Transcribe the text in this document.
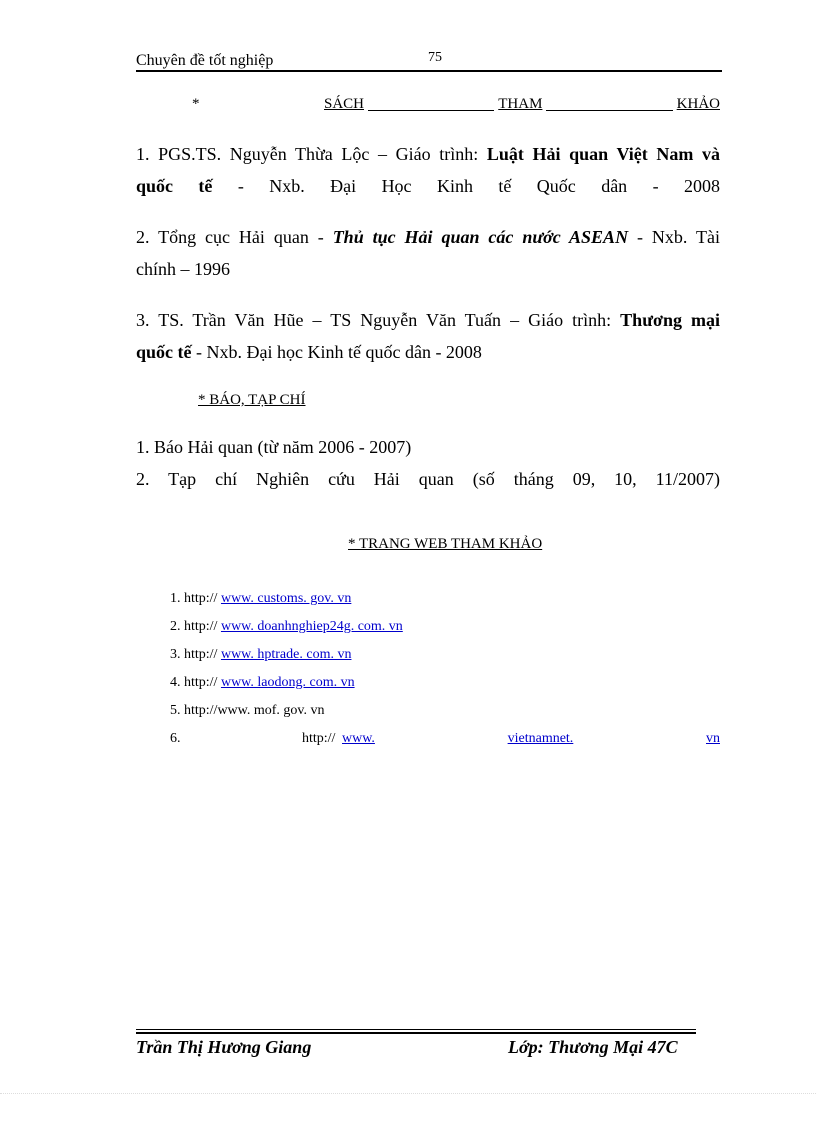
Chuyên đề tốt nghiệp	75
*	SÁCH	THAM	KHẢO
1. PGS.TS. Nguyễn Thừa Lộc – Giáo trình: Luật Hải quan Việt Nam và
quốc tế - Nxb. Đại Học Kinh tế Quốc dân - 2008
2. Tổng cục Hải quan - Thủ tục Hải quan các nước ASEAN - Nxb. Tài
chính – 1996
3. TS. Trần Văn Hũe – TS Nguyễn Văn Tuấn – Giáo trình: Thương mại
quốc tế - Nxb. Đại học Kinh tế quốc dân - 2008
* BÁO, TẠP CHÍ
1. Báo Hải quan (từ năm 2006 - 2007)
2. Tạp chí Nghiên cứu Hải quan (số tháng 09, 10, 11/2007)
* TRANG WEB THAM KHẢO
1. http:// www. customs. gov. vn
2. http:// www. doanhnghiep24g. com. vn
3. http:// www. hptrade. com. vn
4. http:// www. laodong. com. vn
5. http://www. mof. gov. vn
6.	http:// www.	vietnamnet.	vn
Trần Thị Hương Giang	Lớp: Thương Mại 47C
